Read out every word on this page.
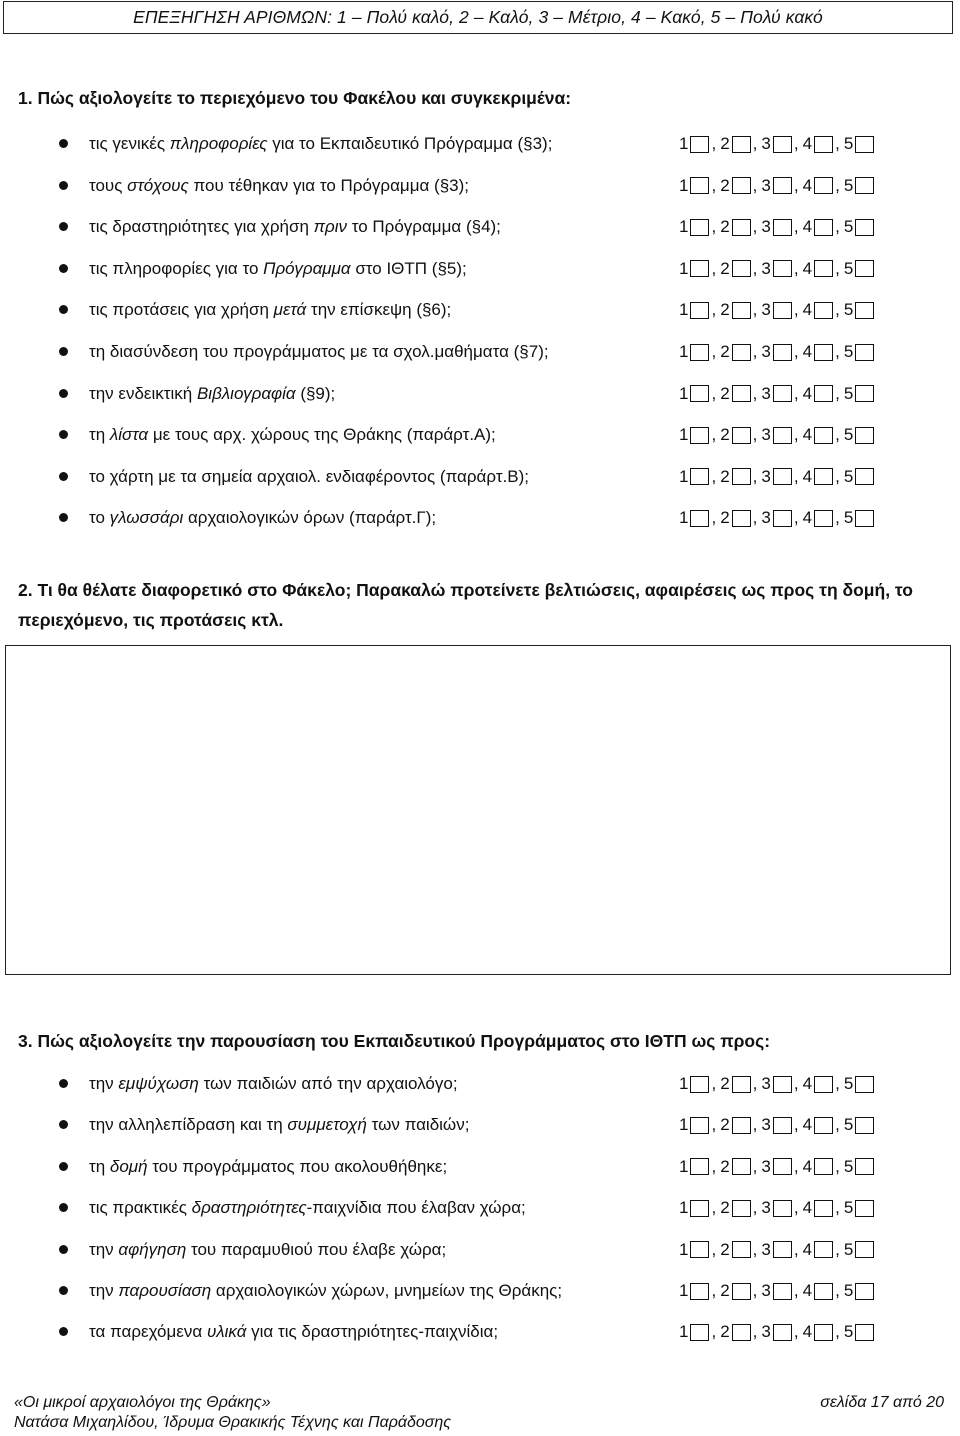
ΕΠΕΞΗΓΗΣΗ ΑΡΙΘΜΩΝ:
1 – Πολύ καλό, 2 – Καλό, 3 – Μέτριο, 4 – Κακό, 5 – Πολύ κακό
1. Πώς αξιολογείτε το περιεχόμενο του Φακέλου και συγκεκριμένα:
τις γενικές πληροφορίες για το Εκπαιδευτικό Πρόγραμμα (§3);	1 , 2 , 3 , 4 , 5
τους στόχους που τέθηκαν για το Πρόγραμμα (§3);	1 , 2 , 3 , 4 , 5
τις δραστηριότητες για χρήση πριν το Πρόγραμμα (§4);	1 , 2 , 3 , 4 , 5
τις πληροφορίες για το Πρόγραμμα στο ΙΘΤΠ (§5);	1 , 2 , 3 , 4 , 5
τις προτάσεις για χρήση μετά την επίσκεψη (§6);	1 , 2 , 3 , 4 , 5
τη διασύνδεση του προγράμματος με τα σχολ.μαθήματα (§7);	1 , 2 , 3 , 4 , 5
την ενδεικτική Βιβλιογραφία (§9);	1 , 2 , 3 , 4 , 5
τη λίστα με τους αρχ. χώρους της Θράκης (παράρτ.Α);	1 , 2 , 3 , 4 , 5
το χάρτη με τα σημεία αρχαιολ. ενδιαφέροντος (παράρτ.Β);	1 , 2 , 3 , 4 , 5
το γλωσσάρι αρχαιολογικών όρων (παράρτ.Γ);	1 , 2 , 3 , 4 , 5
2. Τι θα θέλατε διαφορετικό στο Φάκελο; Παρακαλώ προτείνετε βελτιώσεις, αφαιρέσεις ως προς τη δομή, το περιεχόμενο, τις προτάσεις κτλ.
3. Πώς αξιολογείτε την παρουσίαση του Εκπαιδευτικού Προγράμματος στο ΙΘΤΠ ως προς:
την εμψύχωση των παιδιών από την αρχαιολόγο;	1 , 2 , 3 , 4 , 5
την αλληλεπίδραση και τη συμμετοχή των παιδιών;	1 , 2 , 3 , 4 , 5
τη δομή του προγράμματος που ακολουθήθηκε;	1 , 2 , 3 , 4 , 5
τις πρακτικές δραστηριότητες-παιχνίδια που έλαβαν χώρα;	1 , 2 , 3 , 4 , 5
την αφήγηση του παραμυθιού που έλαβε χώρα;	1 , 2 , 3 , 4 , 5
την παρουσίαση αρχαιολογικών χώρων, μνημείων της Θράκης;	1 , 2 , 3 , 4 , 5
τα παρεχόμενα υλικά για τις δραστηριότητες-παιχνίδια;	1 , 2 , 3 , 4 , 5
«Οι μικροί αρχαιολόγοι της Θράκης»
Νατάσα Μιχαηλίδου, Ίδρυμα Θρακικής Τέχνης και Παράδοσης
σελίδα 17 από 20
